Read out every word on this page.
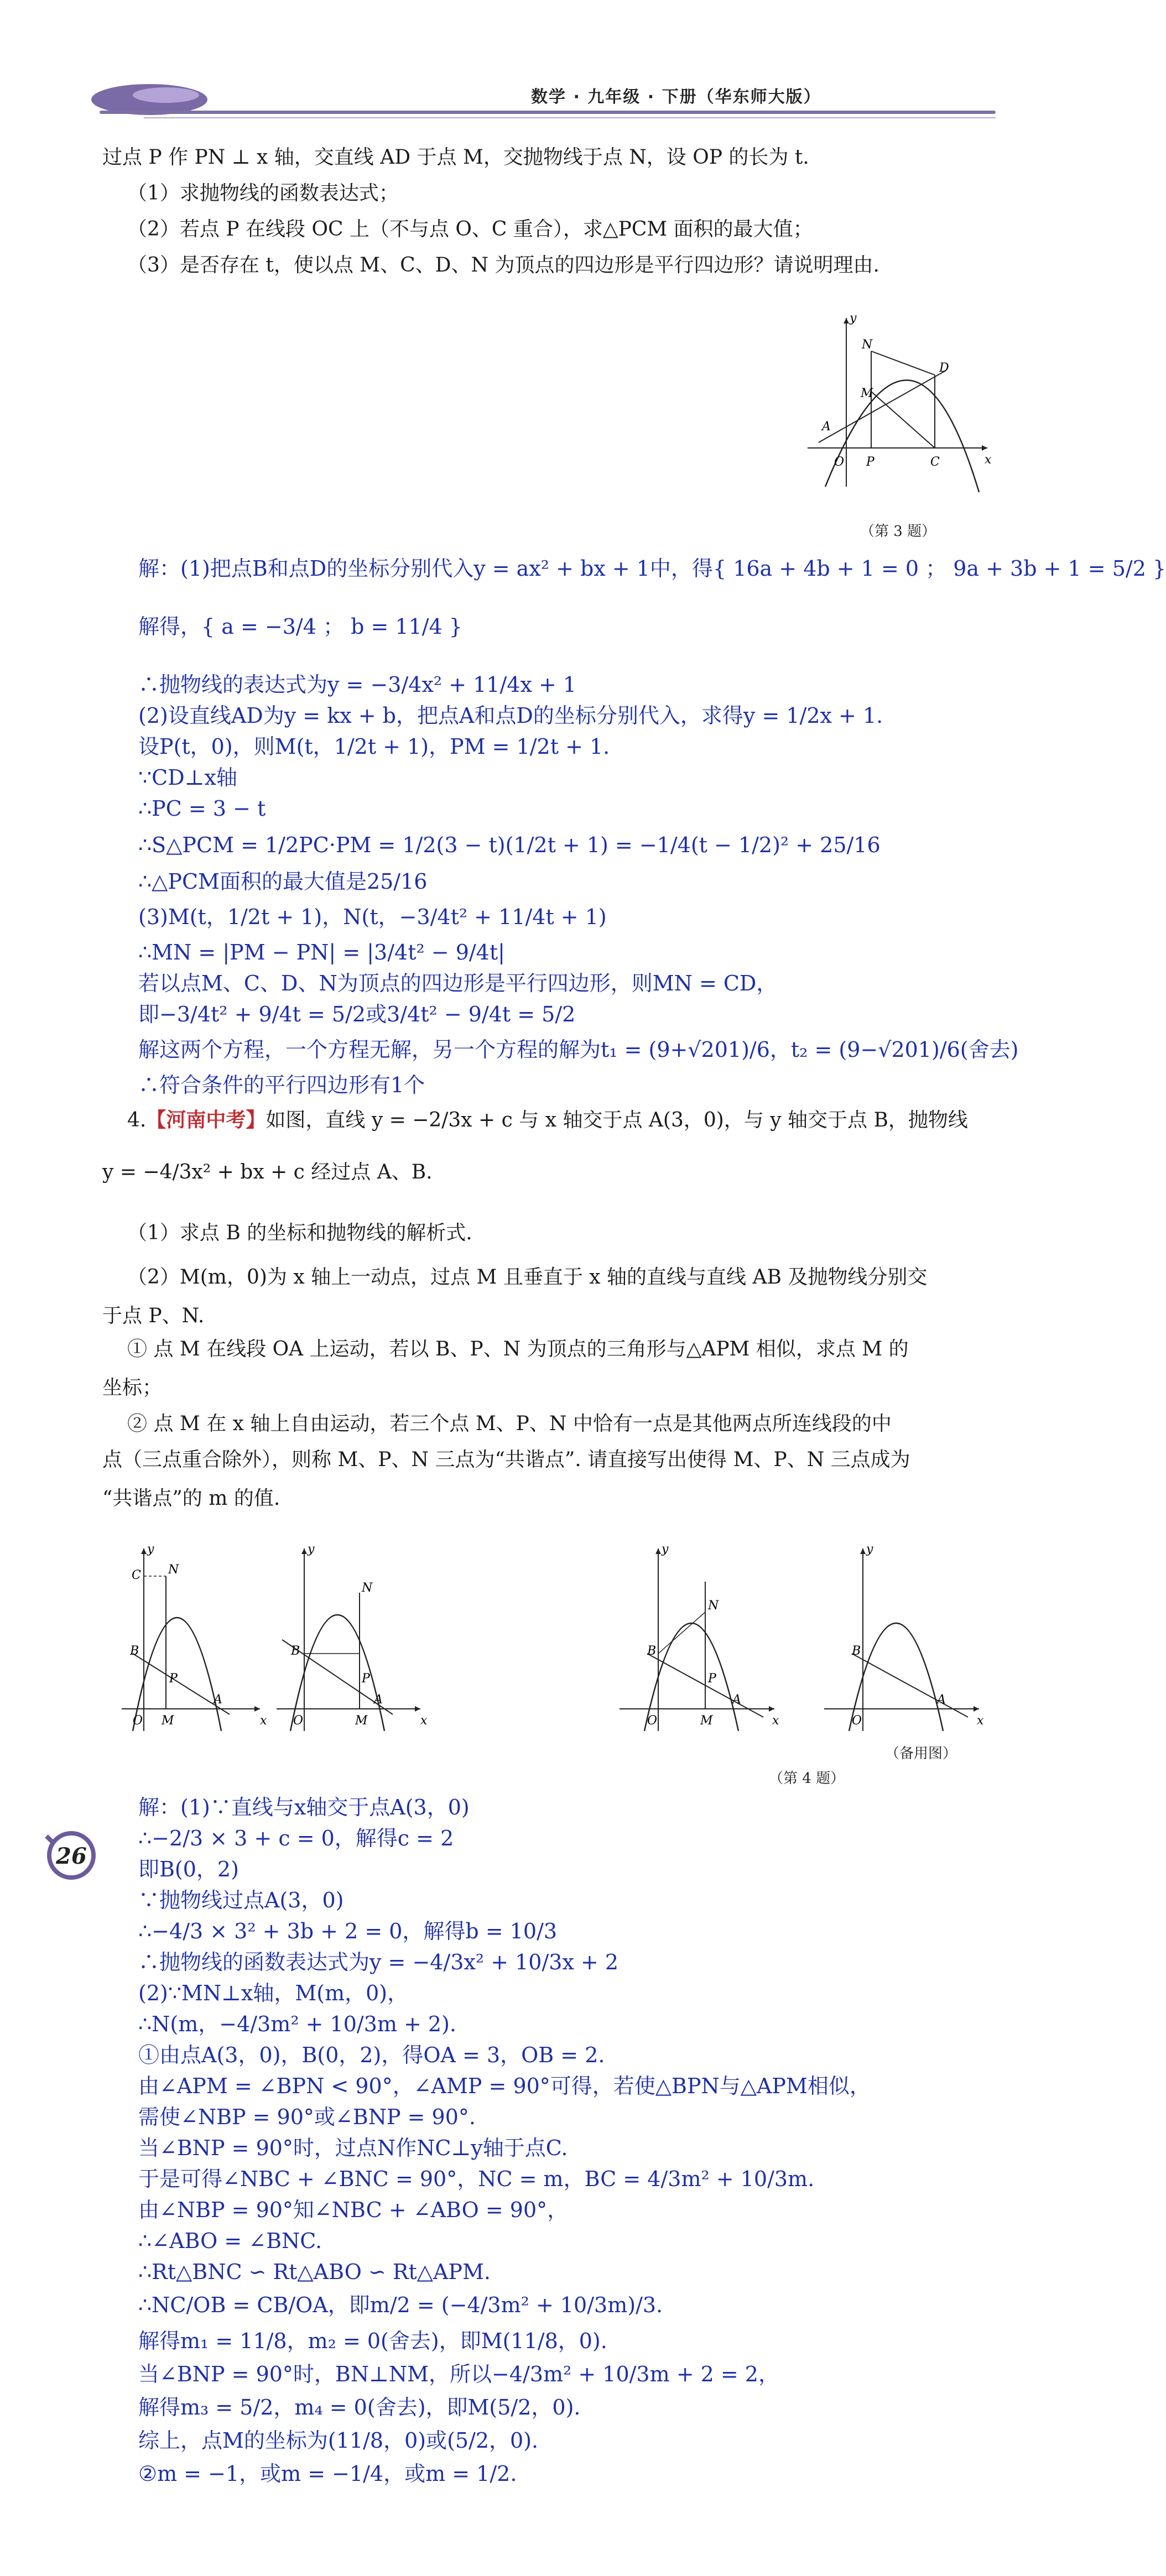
数学 · 九年级 · 下册（华东师大版）
过点 P 作 PN ⊥ x 轴，交直线 AD 于点 M，交抛物线于点 N，设 OP 的长为 t.
（1）求抛物线的函数表达式；
（2）若点 P 在线段 OC 上（不与点 O、C 重合），求△PCM 面积的最大值；
（3）是否存在 t，使以点 M、C、D、N 为顶点的四边形是平行四边形？请说明理由.
y
x
N
D
M
A
O P	C
（第 3 题）
解：(1)把点B和点D的坐标分别代入y = ax² + bx + 1中，得{ 16a + 4b + 1 = 0 ； 9a + 3b + 1 = 5/2 }
解得，{ a = −3/4 ； b = 11/4 }
∴抛物线的表达式为y = −3/4x² + 11/4x + 1
(2)设直线AD为y = kx + b，把点A和点D的坐标分别代入，求得y = 1/2x + 1.
设P(t，0)，则M(t，1/2t + 1)，PM = 1/2t + 1.
∵CD⊥x轴
∴PC = 3 − t
∴S△PCM = 1/2PC·PM = 1/2(3 − t)(1/2t + 1) = −1/4(t − 1/2)² + 25/16
∴△PCM面积的最大值是25/16
(3)M(t，1/2t + 1)，N(t，−3/4t² + 11/4t + 1)
∴MN = |PM − PN| = |3/4t² − 9/4t|
若以点M、C、D、N为顶点的四边形是平行四边形，则MN = CD，
即−3/4t² + 9/4t = 5/2或3/4t² − 9/4t = 5/2
解这两个方程，一个方程无解，另一个方程的解为t₁ = (9+√201)/6，t₂ = (9−√201)/6(舍去)
∴符合条件的平行四边形有1个
4.【河南中考】如图，直线 y = −2/3x + c 与 x 轴交于点 A(3，0)，与 y 轴交于点 B，抛物线
y = −4/3x² + bx + c 经过点 A、B.
（1）求点 B 的坐标和抛物线的解析式.
（2）M(m，0)为 x 轴上一动点，过点 M 且垂直于 x 轴的直线与直线 AB 及抛物线分别交
于点 P、N.
① 点 M 在线段 OA 上运动，若以 B、P、N 为顶点的三角形与△APM 相似，求点 M 的
坐标；
② 点 M 在 x 轴上自由运动，若三个点 M、P、N 中恰有一点是其他两点所连线段的中
点（三点重合除外），则称 M、P、N 三点为“共谐点”. 请直接写出使得 M、P、N 三点成为
“共谐点”的 m 的值.
C N
B
P
A
O M	x
y
N
B
P
A
O	M	x
y
N
B
P
A
O	M	x
y
B
A
O	x
y
（备用图）
（第 4 题）
26
解：(1)∵直线与x轴交于点A(3，0)
∴−2/3 × 3 + c = 0，解得c = 2
即B(0，2)
∵抛物线过点A(3，0)
∴−4/3 × 3² + 3b + 2 = 0，解得b = 10/3
∴抛物线的函数表达式为y = −4/3x² + 10/3x + 2
(2)∵MN⊥x轴，M(m，0)，
∴N(m，−4/3m² + 10/3m + 2).
①由点A(3，0)，B(0，2)，得OA = 3，OB = 2.
由∠APM = ∠BPN < 90°，∠AMP = 90°可得，若使△BPN与△APM相似，
需使∠NBP = 90°或∠BNP = 90°.
当∠BNP = 90°时，过点N作NC⊥y轴于点C.
于是可得∠NBC + ∠BNC = 90°，NC = m，BC = 4/3m² + 10/3m.
由∠NBP = 90°知∠NBC + ∠ABO = 90°，
∴∠ABO = ∠BNC.
∴Rt△BNC ∽ Rt△ABO ∽ Rt△APM.
∴NC/OB = CB/OA，即m/2 = (−4/3m² + 10/3m)/3.
解得m₁ = 11/8，m₂ = 0(舍去)，即M(11/8，0).
当∠BNP = 90°时，BN⊥NM，所以−4/3m² + 10/3m + 2 = 2，
解得m₃ = 5/2，m₄ = 0(舍去)，即M(5/2，0).
综上，点M的坐标为(11/8，0)或(5/2，0).
②m = −1，或m = −1/4，或m = 1/2.
